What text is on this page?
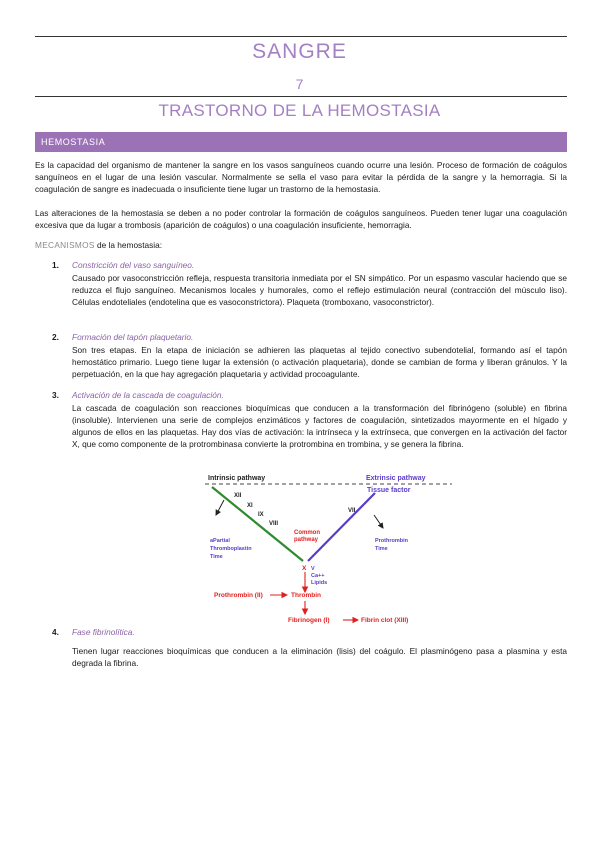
SANGRE
7
TRASTORNO DE LA HEMOSTASIA
HEMOSTASIA

Es la capacidad del organismo de mantener la sangre en los vasos sanguíneos cuando ocurre una lesión. Proceso de formación de coágulos sanguíneos en el lugar de una lesión vascular. Normalmente se sella el vaso para evitar la pérdida de la sangre y la hemorragia. Si la coagulación de sangre es inadecuada o insuficiente tiene lugar un trastorno de la hemostasia.

Las alteraciones de la hemostasia se deben a no poder controlar la formación de coágulos sanguíneos. Pueden tener lugar una coagulación excesiva que da lugar a trombosis (aparición de coágulos) o una coagulación insuficiente, hemorragia.

MECANISMOS de la hemostasia:
1. Constricción del vaso sanguíneo.

Causado por vasoconstricción refleja, respuesta transitoria inmediata por el SN simpático. Por un espasmo vascular haciendo que se reduzca el flujo sanguíneo. Mecanismos locales y humorales, como el reflejo estimulación neural (contracción del músculo liso). Células endoteliales (endotelina que es vasoconstrictora). Plaqueta (tromboxano, vasoconstrictor).

2. Formación del tapón plaquetario.

Son tres etapas. En la etapa de iniciación se adhieren las plaquetas al tejido conectivo subendotelial, formando así el tapón hemostático primario. Luego tiene lugar la extensión (o activación plaquetaria), donde se cambian de forma y liberan gránulos. Y la perpetuación, en la que hay agregación plaquetaria y actividad procoagulante.

3. Activación de la cascada de coagulación.

La cascada de coagulación son reacciones bioquímicas que conducen a la transformación del fibrinógeno (soluble) en fibrina (insoluble). Intervienen una serie de complejos enzimáticos y factores de coagulación, sintetizados mayormente en el hígado y algunos de ellos en las plaquetas. Hay dos vías de activación: la intrínseca y la extrínseca, que convergen en la activación del factor X, que como componente de la protrombinasa convierte la protrombina en trombina, y se genera la fibrina.

Intrinsic pathway	Extrinsic pathway
XII
XI
IX
VIII
aPartial
Thromboplastin
Time
Tissue factor
VII
Prothrombin
Time
Common
pathway
X V
Ca++
Lipids
Prothrombin (II)	Thrombin
Fibrinogen (I)	Fibrin clot (XIII)
4. Fase fibrinolítica.

Tienen lugar reacciones bioquímicas que conducen a la eliminación (lisis) del coágulo. El plasminógeno pasa a plasmina y esta degrada la fibrina.
